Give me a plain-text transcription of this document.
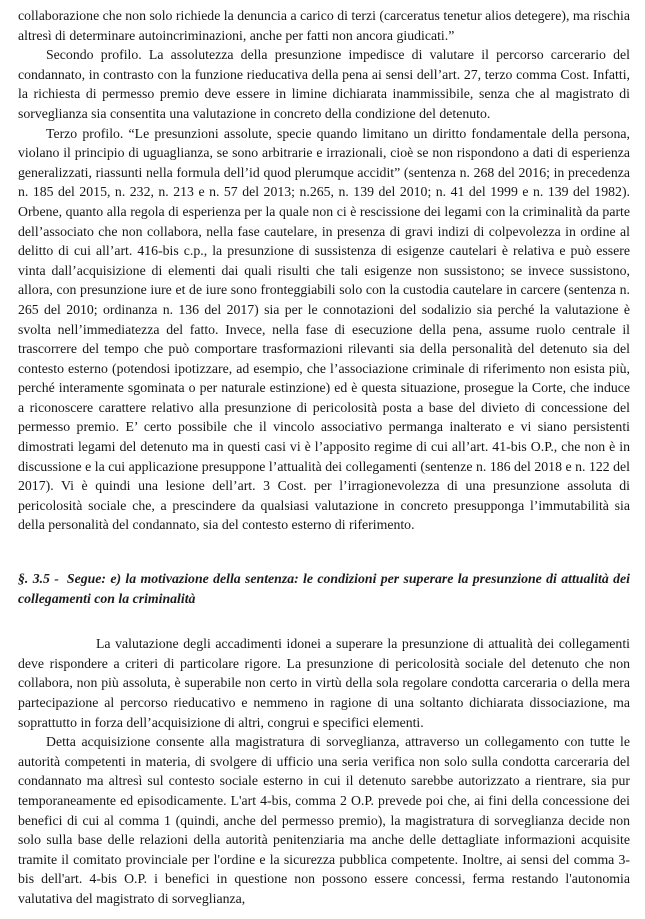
collaborazione che non solo richiede la denuncia a carico di terzi (carceratus tenetur alios detegere), ma rischia altresì di determinare autoincriminazioni, anche per fatti non ancora giudicati.”

Secondo profilo. La assolutezza della presunzione impedisce di valutare il percorso carcerario del condannato, in contrasto con la funzione rieducativa della pena ai sensi dell’art. 27, terzo comma Cost. Infatti, la richiesta di permesso premio deve essere in limine dichiarata inammissibile, senza che al magistrato di sorveglianza sia consentita una valutazione in concreto della condizione del detenuto.

Terzo profilo. “Le presunzioni assolute, specie quando limitano un diritto fondamentale della persona, violano il principio di uguaglianza, se sono arbitrarie e irrazionali, cioè se non rispondono a dati di esperienza generalizzati, riassunti nella formula dell’id quod plerumque accidit” (sentenza n. 268 del 2016; in precedenza n. 185 del 2015, n. 232, n. 213 e n. 57 del 2013; n.265, n. 139 del 2010; n. 41 del 1999 e n. 139 del 1982). Orbene, quanto alla regola di esperienza per la quale non ci è rescissione dei legami con la criminalità da parte dell’associato che non collabora, nella fase cautelare, in presenza di gravi indizi di colpevolezza in ordine al delitto di cui all’art. 416-bis c.p., la presunzione di sussistenza di esigenze cautelari è relativa e può essere vinta dall’acquisizione di elementi dai quali risulti che tali esigenze non sussistono; se invece sussistono, allora, con presunzione iure et de iure sono fronteggiabili solo con la custodia cautelare in carcere (sentenza n. 265 del 2010; ordinanza n. 136 del 2017) sia per le connotazioni del sodalizio sia perché la valutazione è svolta nell’immediatezza del fatto. Invece, nella fase di esecuzione della pena, assume ruolo centrale il trascorrere del tempo che può comportare trasformazioni rilevanti sia della personalità del detenuto sia del contesto esterno (potendosi ipotizzare, ad esempio, che l’associazione criminale di riferimento non esista più, perché interamente sgominata o per naturale estinzione) ed è questa situazione, prosegue la Corte, che induce a riconoscere carattere relativo alla presunzione di pericolosità posta a base del divieto di concessione del permesso premio. E’ certo possibile che il vincolo associativo permanga inalterato e vi siano persistenti dimostrati legami del detenuto ma in questi casi vi è l’apposito regime di cui all’art. 41-bis O.P., che non è in discussione e la cui applicazione presuppone l’attualità dei collegamenti (sentenze n. 186 del 2018 e n. 122 del 2017). Vi è quindi una lesione dell’art. 3 Cost. per l’irragionevolezza di una presunzione assoluta di pericolosità sociale che, a prescindere da qualsiasi valutazione in concreto presupponga l’immutabilità sia della personalità del condannato, sia del contesto esterno di riferimento.

§. 3.5 - Segue: e) la motivazione della sentenza: le condizioni per superare la presunzione di attualità dei collegamenti con la criminalità

La valutazione degli accadimenti idonei a superare la presunzione di attualità dei collegamenti deve rispondere a criteri di particolare rigore. La presunzione di pericolosità sociale del detenuto che non collabora, non più assoluta, è superabile non certo in virtù della sola regolare condotta carceraria o della mera partecipazione al percorso rieducativo e nemmeno in ragione di una soltanto dichiarata dissociazione, ma soprattutto in forza dell’acquisizione di altri, congrui e specifici elementi.

Detta acquisizione consente alla magistratura di sorveglianza, attraverso un collegamento con tutte le autorità competenti in materia, di svolgere di ufficio una seria verifica non solo sulla condotta carceraria del condannato ma altresì sul contesto sociale esterno in cui il detenuto sarebbe autorizzato a rientrare, sia pur temporaneamente ed episodicamente. L'art 4-bis, comma 2 O.P. prevede poi che, ai fini della concessione dei benefici di cui al comma 1 (quindi, anche del permesso premio), la magistratura di sorveglianza decide non solo sulla base delle relazioni della autorità penitenziaria ma anche delle dettagliate informazioni acquisite tramite il comitato provinciale per l'ordine e la sicurezza pubblica competente. Inoltre, ai sensi del comma 3-bis dell'art. 4-bis O.P. i benefici in questione non possono essere concessi, ferma restando l'autonomia valutativa del magistrato di sorveglianza,
